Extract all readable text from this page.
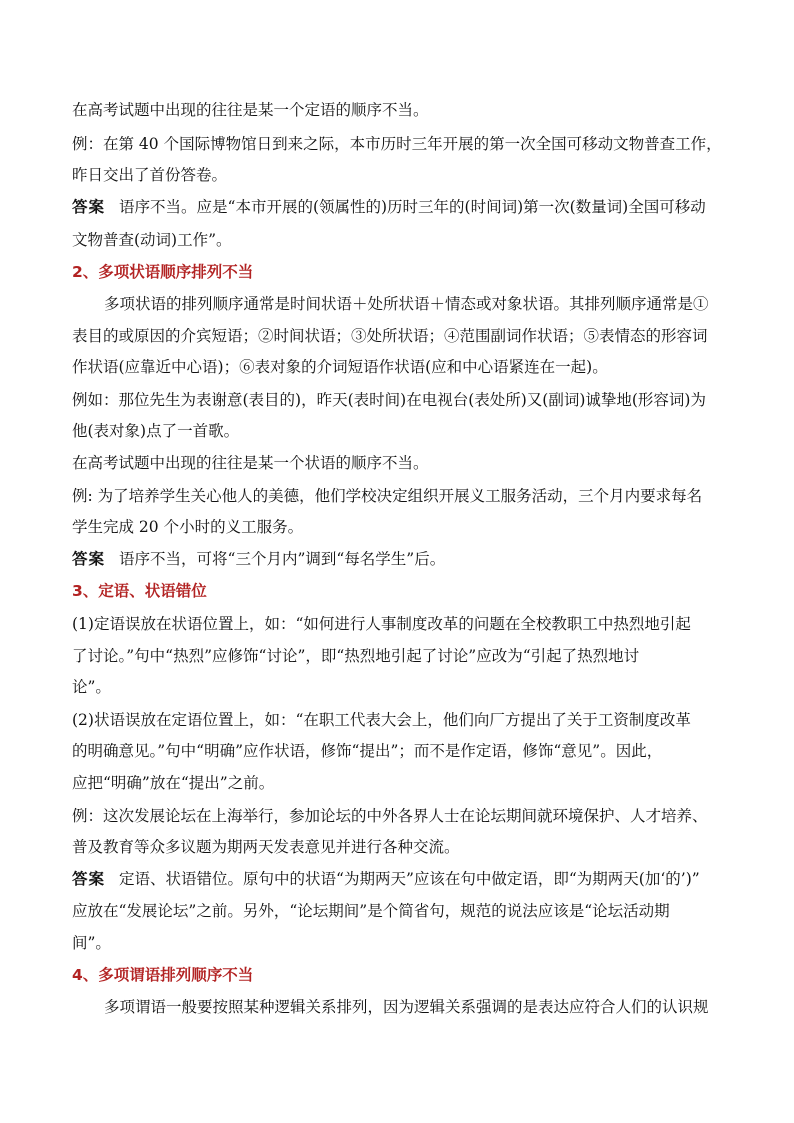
在高考试题中出现的往往是某一个定语的顺序不当。
例：在第 40 个国际博物馆日到来之际，本市历时三年开展的第一次全国可移动文物普查工作，
昨日交出了首份答卷。
答案 语序不当。应是“本市开展的(领属性的)历时三年的(时间词)第一次(数量词)全国可移动
文物普查(动词)工作”。
2、多项状语顺序排列不当
多项状语的排列顺序通常是时间状语＋处所状语＋情态或对象状语。其排列顺序通常是①
表目的或原因的介宾短语；②时间状语；③处所状语；④范围副词作状语；⑤表情态的形容词
作状语(应靠近中心语)；⑥表对象的介词短语作状语(应和中心语紧连在一起)。
例如：那位先生为表谢意(表目的)，昨天(表时间)在电视台(表处所)又(副词)诚挚地(形容词)为
他(表对象)点了一首歌。
在高考试题中出现的往往是某一个状语的顺序不当。
例: 为了培养学生关心他人的美德，他们学校决定组织开展义工服务活动，三个月内要求每名
学生完成 20 个小时的义工服务。
答案 语序不当，可将“三个月内”调到“每名学生”后。
3、定语、状语错位
(1)定语误放在状语位置上，如：“如何进行人事制度改革的问题在全校教职工中热烈地引起
了讨论。”句中“热烈”应修饰“讨论”，即“热烈地引起了讨论”应改为“引起了热烈地讨
论”。
(2)状语误放在定语位置上，如：“在职工代表大会上，他们向厂方提出了关于工资制度改革
的明确意见。”句中“明确”应作状语，修饰“提出”；而不是作定语，修饰“意见”。因此，
应把“明确”放在“提出”之前。
例：这次发展论坛在上海举行，参加论坛的中外各界人士在论坛期间就环境保护、人才培养、
普及教育等众多议题为期两天发表意见并进行各种交流。
答案 定语、状语错位。原句中的状语“为期两天”应该在句中做定语，即“为期两天(加‘的’)”
应放在“发展论坛”之前。另外，“论坛期间”是个简省句，规范的说法应该是“论坛活动期
间”。
4、多项谓语排列顺序不当
多项谓语一般要按照某种逻辑关系排列，因为逻辑关系强调的是表达应符合人们的认识规
